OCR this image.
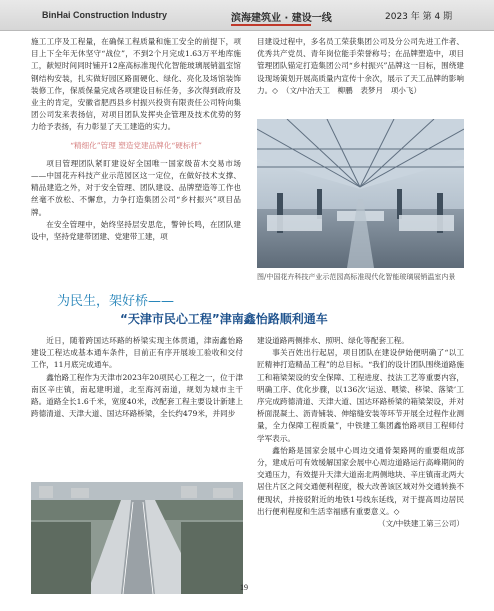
BinHai Construction Industry	滨海建筑业 · 建设一线	2023 年 第 4 期

施工工序及工程量，在确保工程质量和施工安全的前提下，项目上下全年无休坚守“战位”，不到2个月完成1.63万平地库施工，献短时间同时铺开12座高标准现代化智能玻璃展销温室馆钢结构安装，扎实做好园区路面硬化、绿化、亮化及场馆装饰装修工作，保质保量完成各项建设目标任务，多次得到政府及业主的肯定，安徽省肥西县乡村振兴投资有限责任公司特向集团公司发来表扬信，对项目团队发挥央企管理及技术优势的努力给予表扬，有力彰显了天工建造的实力。

“精细化”管理 塑造党建品牌化“硬标杆”

项目管理团队紧盯建设好全国唯一国家级苗木交易市场——中国花卉科技产业示范园区这一定位，在做好技术支撑、精品建造之外，对于安全管理、团队建设、品牌塑造等工作也丝毫不放松、不懈怠，力争打造集团公司“乡村振兴”项目品牌。

在安全管理中，始终坚持层安思危，警钟长鸣，在团队建设中，坚持党建带团建、党建带工建，项

目建设过程中，多名员工荣获集团公司及分公司先进工作者、优秀共产党员、青年岗位能手荣誉称号；在品牌塑造中，项目管理团队锚定打造集团公司“乡村振兴”品牌这一目标，围绕建设现场策划开展高质量内宣传十余次，展示了天工品牌的影响力。◇　（文/中冶天工　柳鹏　表梦月　项小飞）

图/中国花卉科技产业示范园高标准现代化智能玻璃展销温室内景
为民生，架好桥——
“天津市民心工程”津南鑫怡路顺利通车

近日，随着跨国达环路的桥梁实现主体贯通，津南鑫怡路建设工程达成基本通车条件，目前正有序开展竣工验收和交付工作，11月底完成通车。

鑫怡路工程作为天津市2023年20项民心工程之一，位于津南区辛庄镇，南起建明道，北至海河南道，规划为城市主干路。道路全长1.6千米，宽度40米，改配套工程主要设计新建上跨德清道、天津大道、国达环路桥梁，全长约479米，并同步

建设道路两侧排水、照明、绿化等配套工程。

事关百姓出行起居，项目团队在建设伊始便明确了“以工匠精神打造精品工程”的总目标。“我们的设计团队围绕道路施工和箱梁架设的安全保障、工程进度、技法工艺等重要内容，明确工序、优化步骤，以136次‘运送、喂梁、移梁、落梁’工序完成跨德清道、天津大道、国达环路桥梁的箱梁架设，并对桥面混凝土、沥青铺装、伸缩缝安装等环节开展全过程作业测量，全力保障工程质量”，中铁建工集团鑫怡路项目工程师付学军表示。

鑫怡路是国家会展中心周边交通骨架路网的重要组成部分，建成后可有效缓解国家会展中心周边道路运行高峰期间的交通压力，有效提升天津大道南北两侧地块、辛庄镇南北两大居住片区之间交通便利程度，极大改善该区域对外交通转换不便现状，并接驳附近的地铁1号线东延线，对于提高周边居民出行便利程度和生活幸福感有重要意义。◇

（文/中铁建工第三公司）

19
